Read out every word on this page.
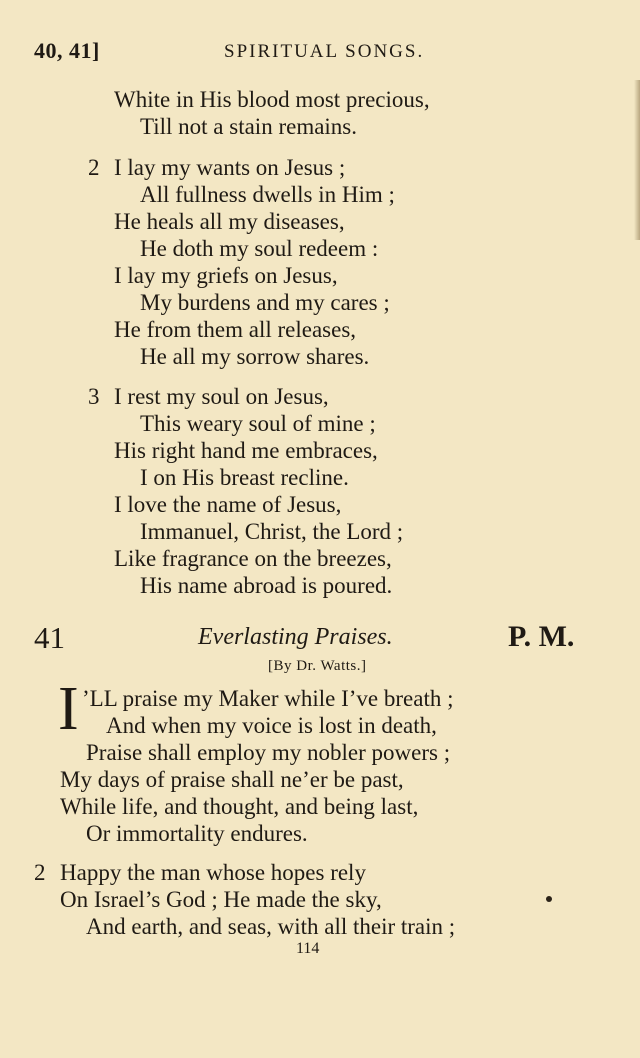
40, 41]	SPIRITUAL SONGS.
White in His blood most precious,
Till not a stain remains.
2 I lay my wants on Jesus ;
All fullness dwells in Him ;
He heals all my diseases,
He doth my soul redeem :
I lay my griefs on Jesus,
My burdens and my cares ;
He from them all releases,
He all my sorrow shares.
3 I rest my soul on Jesus,
This weary soul of mine ;
His right hand me embraces,
I on His breast recline.
I love the name of Jesus,
Immanuel, Christ, the Lord ;
Like fragrance on the breezes,
His name abroad is poured.
41	Everlasting Praises.	P. M.
[By Dr. Watts.]
I ’LL praise my Maker while I’ve breath ;
And when my voice is lost in death,
Praise shall employ my nobler powers ;
My days of praise shall ne’er be past,
While life, and thought, and being last,
Or immortality endures.
2 Happy the man whose hopes rely
On Israel’s God ; He made the sky,
And earth, and seas, with all their train ;
114
